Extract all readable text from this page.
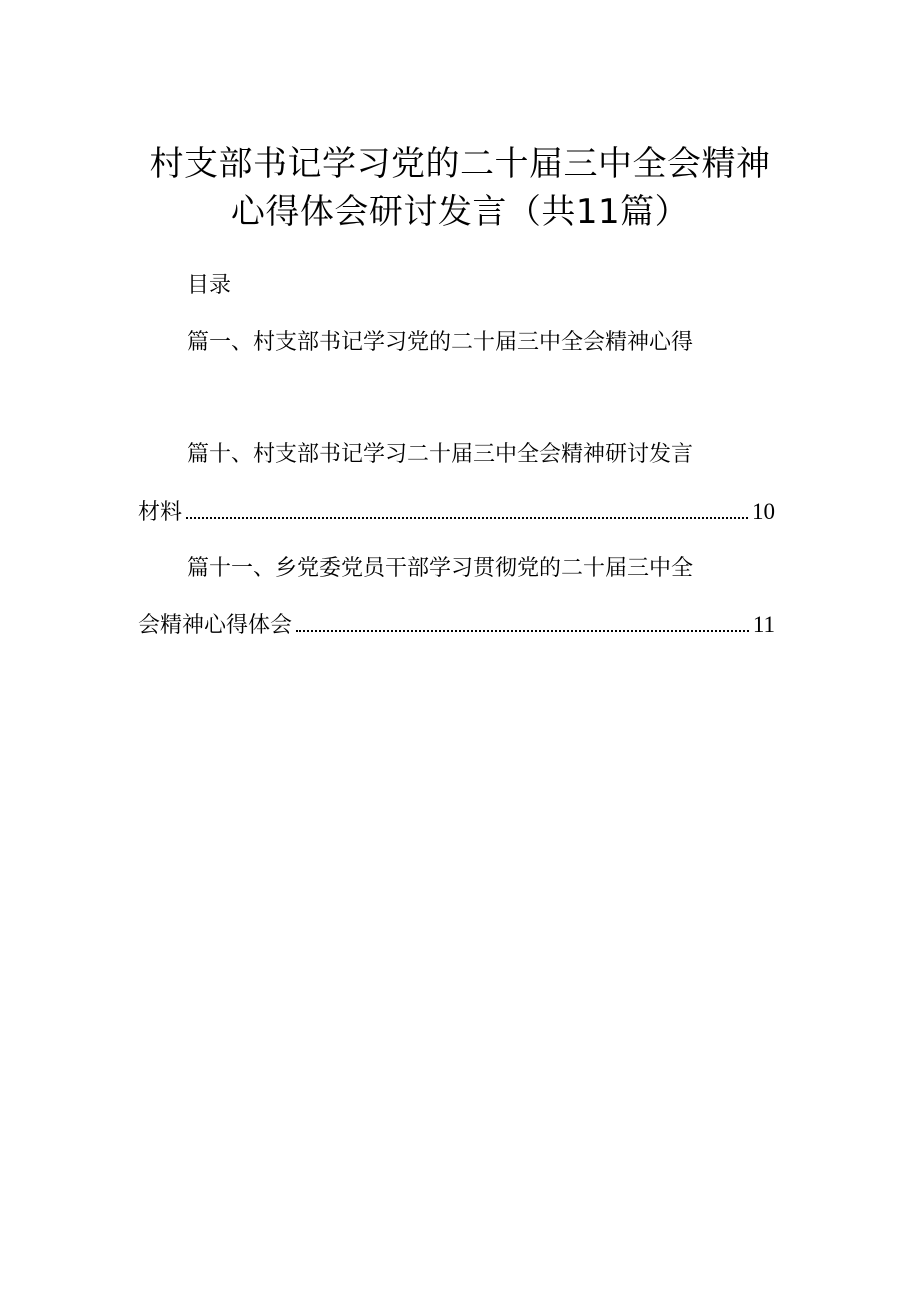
村支部书记学习党的二十届三中全会精神
心得体会研讨发言（共11篇）
目录
篇一、村支部书记学习党的二十届三中全会精神心得
篇十、村支部书记学习二十届三中全会精神研讨发言
材料	10
篇十一、乡党委党员干部学习贯彻党的二十届三中全
会精神心得体会	11
